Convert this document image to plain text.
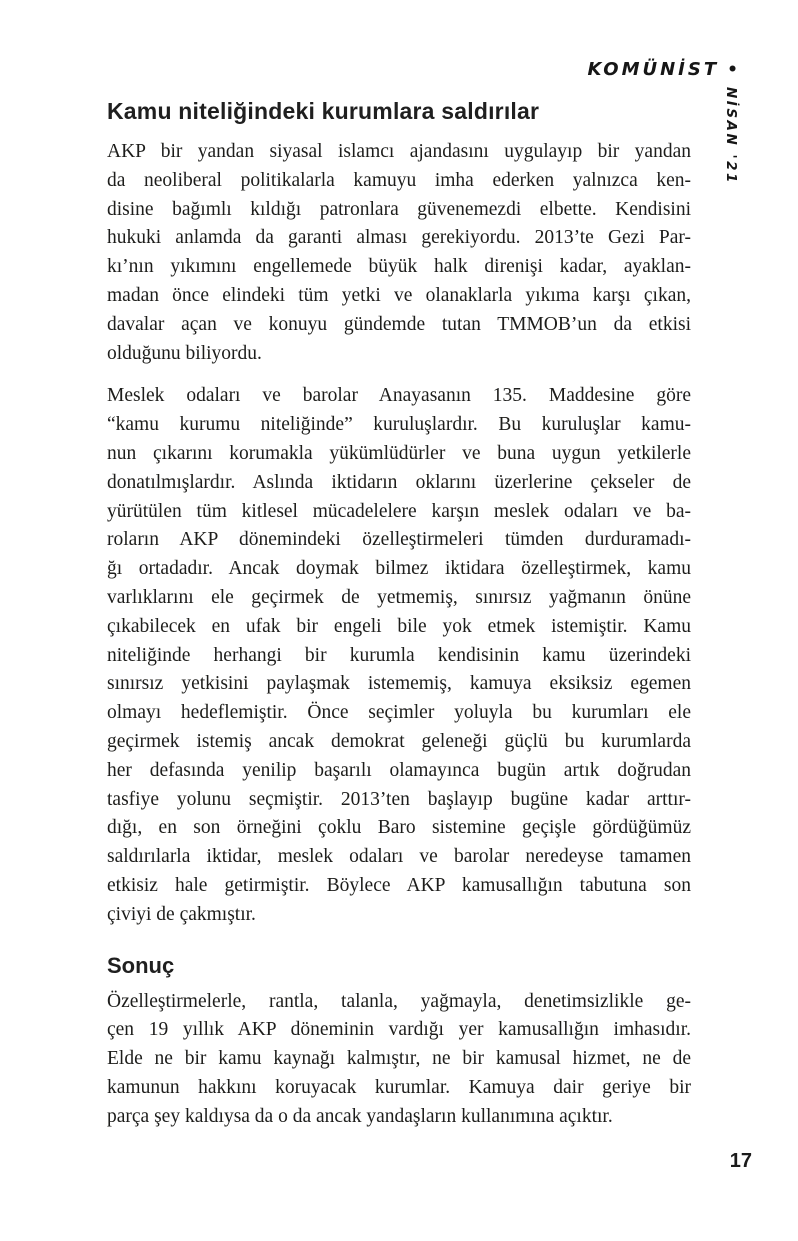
KOMÜNİST •
NİSAN '21
Kamu niteliğindeki kurumlara saldırılar
AKP bir yandan siyasal islamcı ajandasını uygulayıp bir yandan
da neoliberal politikalarla kamuyu imha ederken yalnızca ken-
disine bağımlı kıldığı patronlara güvenemezdi elbette. Kendisini
hukuki anlamda da garanti alması gerekiyordu. 2013’te Gezi Par-
kı’nın yıkımını engellemede büyük halk direnişi kadar, ayaklan-
madan önce elindeki tüm yetki ve olanaklarla yıkıma karşı çıkan,
davalar açan ve konuyu gündemde tutan TMMOB’un da etkisi
olduğunu biliyordu.
Meslek odaları ve barolar Anayasanın 135. Maddesine göre
“kamu kurumu niteliğinde” kuruluşlardır. Bu kuruluşlar kamu-
nun çıkarını korumakla yükümlüdürler ve buna uygun yetkilerle
donatılmışlardır. Aslında iktidarın oklarını üzerlerine çekseler de
yürütülen tüm kitlesel mücadelelere karşın meslek odaları ve ba-
roların AKP dönemindeki özelleştirmeleri tümden durduramadı-
ğı ortadadır. Ancak doymak bilmez iktidara özelleştirmek, kamu
varlıklarını ele geçirmek de yetmemiş, sınırsız yağmanın önüne
çıkabilecek en ufak bir engeli bile yok etmek istemiştir. Kamu
niteliğinde herhangi bir kurumla kendisinin kamu üzerindeki
sınırsız yetkisini paylaşmak istememiş, kamuya eksiksiz egemen
olmayı hedeflemiştir. Önce seçimler yoluyla bu kurumları ele
geçirmek istemiş ancak demokrat geleneği güçlü bu kurumlarda
her defasında yenilip başarılı olamayınca bugün artık doğrudan
tasfiye yolunu seçmiştir. 2013’ten başlayıp bugüne kadar arttır-
dığı, en son örneğini çoklu Baro sistemine geçişle gördüğümüz
saldırılarla iktidar, meslek odaları ve barolar neredeyse tamamen
etkisiz hale getirmiştir. Böylece AKP kamusallığın tabutuna son
çiviyi de çakmıştır.
Sonuç
Özelleştirmelerle, rantla, talanla, yağmayla, denetimsizlikle ge-
çen 19 yıllık AKP döneminin vardığı yer kamusallığın imhasıdır.
Elde ne bir kamu kaynağı kalmıştır, ne bir kamusal hizmet, ne de
kamunun hakkını koruyacak kurumlar. Kamuya dair geriye bir
parça şey kaldıysa da o da ancak yandaşların kullanımına açıktır.
17
